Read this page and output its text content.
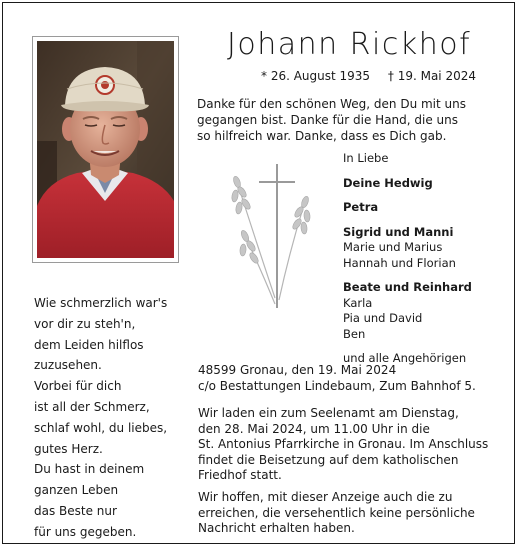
Johann Rickhof
* 26. August 1935 † 19. Mai 2024
Danke für den schönen Weg, den Du mit uns
gegangen bist. Danke für die Hand, die uns
so hilfreich war. Danke, dass es Dich gab.
In Liebe
Deine Hedwig
Petra
Sigrid und Manni
Marie und Marius
Hannah und Florian
Beate und Reinhard
Karla
Pia und David
Ben
und alle Angehörigen
Wie schmerzlich war's
vor dir zu steh'n,
dem Leiden hilflos
zuzusehen.
Vorbei für dich
ist all der Schmerz,
schlaf wohl, du liebes,
gutes Herz.
Du hast in deinem
ganzen Leben
das Beste nur
für uns gegeben.
48599 Gronau, den 19. Mai 2024
c/o Bestattungen Lindebaum, Zum Bahnhof 5.
Wir laden ein zum Seelenamt am Dienstag,
den 28. Mai 2024, um 11.00 Uhr in die
St. Antonius Pfarrkirche in Gronau. Im Anschluss
findet die Beisetzung auf dem katholischen
Friedhof statt.
Wir hoffen, mit dieser Anzeige auch die zu
erreichen, die versehentlich keine persönliche
Nachricht erhalten haben.
